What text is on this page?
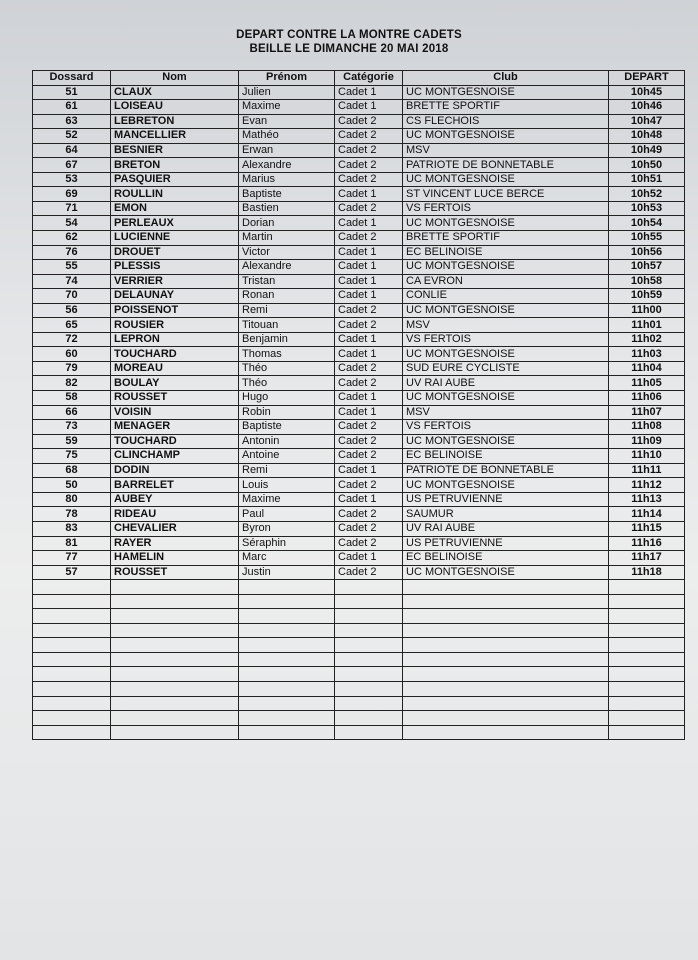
DEPART CONTRE LA MONTRE CADETS
BEILLE LE DIMANCHE 20 MAI 2018
Dossard	Nom	Prénom	Catégorie	Club	DEPART
51	CLAUX	Julien	Cadet 1	UC MONTGESNOISE	10h45
61	LOISEAU	Maxime	Cadet 1	BRETTE SPORTIF	10h46
63	LEBRETON	Evan	Cadet 2	CS FLECHOIS	10h47
52	MANCELLIER	Mathéo	Cadet 2	UC MONTGESNOISE	10h48
64	BESNIER	Erwan	Cadet 2	MSV	10h49
67	BRETON	Alexandre	Cadet 2	PATRIOTE DE BONNETABLE	10h50
53	PASQUIER	Marius	Cadet 2	UC MONTGESNOISE	10h51
69	ROULLIN	Baptiste	Cadet 1	ST VINCENT LUCE BERCE	10h52
71	EMON	Bastien	Cadet 2	VS FERTOIS	10h53
54	PERLEAUX	Dorian	Cadet 1	UC MONTGESNOISE	10h54
62	LUCIENNE	Martin	Cadet 2	BRETTE SPORTIF	10h55
76	DROUET	Victor	Cadet 1	EC BELINOISE	10h56
55	PLESSIS	Alexandre	Cadet 1	UC MONTGESNOISE	10h57
74	VERRIER	Tristan	Cadet 1	CA EVRON	10h58
70	DELAUNAY	Ronan	Cadet 1	CONLIE	10h59
56	POISSENOT	Remi	Cadet 2	UC MONTGESNOISE	11h00
65	ROUSIER	Titouan	Cadet 2	MSV	11h01
72	LEPRON	Benjamin	Cadet 1	VS FERTOIS	11h02
60	TOUCHARD	Thomas	Cadet 1	UC MONTGESNOISE	11h03
79	MOREAU	Théo	Cadet 2	SUD EURE CYCLISTE	11h04
82	BOULAY	Théo	Cadet 2	UV RAI AUBE	11h05
58	ROUSSET	Hugo	Cadet 1	UC MONTGESNOISE	11h06
66	VOISIN	Robin	Cadet 1	MSV	11h07
73	MENAGER	Baptiste	Cadet 2	VS FERTOIS	11h08
59	TOUCHARD	Antonin	Cadet 2	UC MONTGESNOISE	11h09
75	CLINCHAMP	Antoine	Cadet 2	EC BELINOISE	11h10
68	DODIN	Remi	Cadet 1	PATRIOTE DE BONNETABLE	11h11
50	BARRELET	Louis	Cadet 2	UC MONTGESNOISE	11h12
80	AUBEY	Maxime	Cadet 1	US PETRUVIENNE	11h13
78	RIDEAU	Paul	Cadet 2	SAUMUR	11h14
83	CHEVALIER	Byron	Cadet 2	UV RAI AUBE	11h15
81	RAYER	Séraphin	Cadet 2	US PETRUVIENNE	11h16
77	HAMELIN	Marc	Cadet 1	EC BELINOISE	11h17
57	ROUSSET	Justin	Cadet 2	UC MONTGESNOISE	11h18
